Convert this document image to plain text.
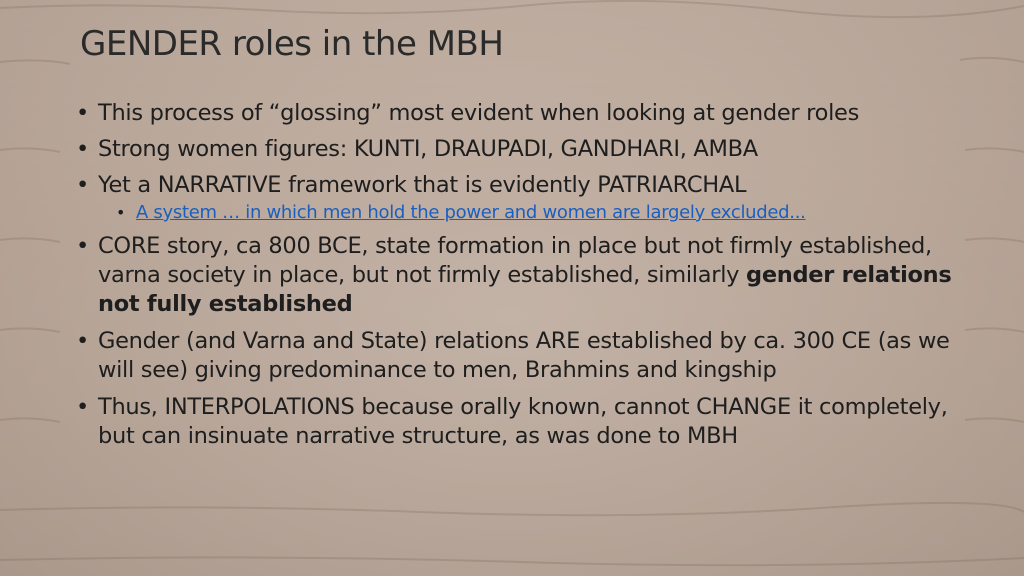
GENDER roles in the MBH
• This process of “glossing” most evident when looking at gender roles
• Strong women figures: KUNTI, DRAUPADI, GANDHARI, AMBA
• Yet a NARRATIVE framework that is evidently PATRIARCHAL
• A system … in which men hold the power and women are largely excluded...
• CORE story, ca 800 BCE, state formation in place but not firmly established, varna society in place, but not firmly established, similarly gender relations not fully established
• Gender (and Varna and State) relations ARE established by ca. 300 CE (as we will see) giving predominance to men, Brahmins and kingship
• Thus, INTERPOLATIONS because orally known, cannot CHANGE it completely, but can insinuate narrative structure, as was done to MBH
